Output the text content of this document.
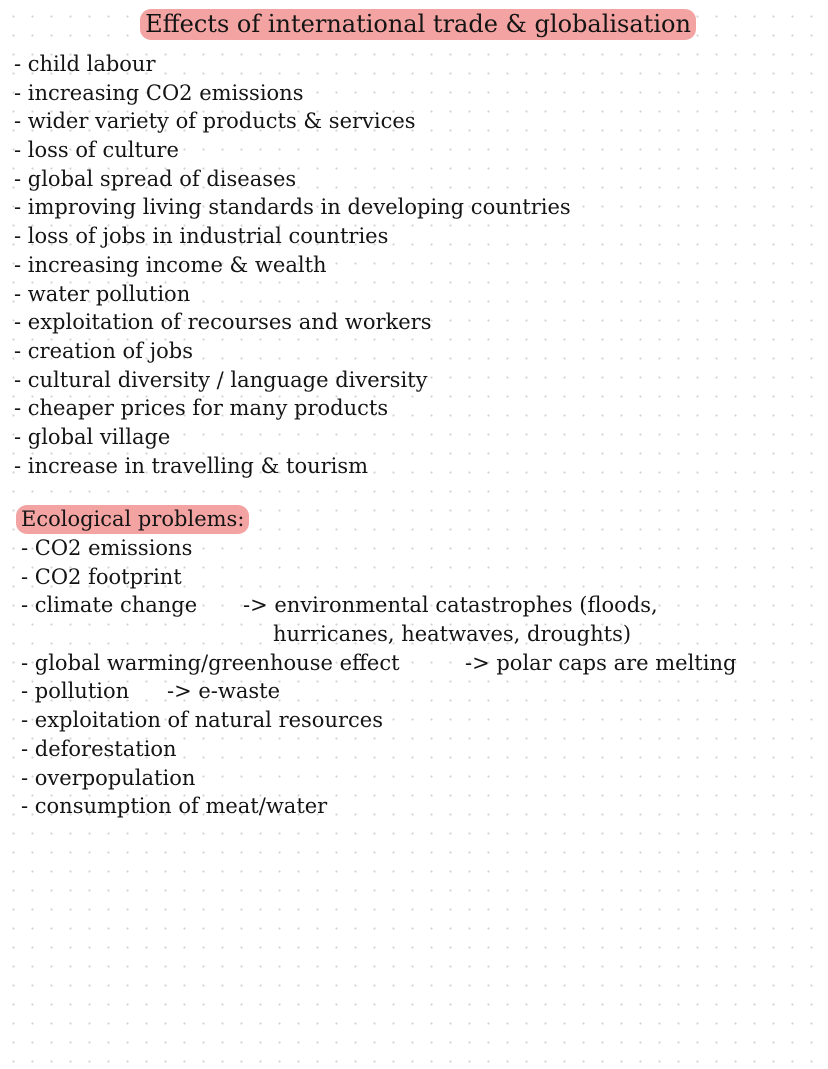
Effects of international trade & globalisation
- child labour
- increasing CO2 emissions
- wider variety of products & services
- loss of culture
- global spread of diseases
- improving living standards in developing countries
- loss of jobs in industrial countries
- increasing income & wealth
- water pollution
- exploitation of recourses and workers
- creation of jobs
- cultural diversity / language diversity
- cheaper prices for many products
- global village
- increase in travelling & tourism
Ecological problems:
- CO2 emissions
- CO2 footprint
- climate change -> environmental catastrophes (floods,
hurricanes, heatwaves, droughts)
- global warming/greenhouse effect	-> polar caps are melting
- pollution -> e-waste
- exploitation of natural resources
- deforestation
- overpopulation
- consumption of meat/water
